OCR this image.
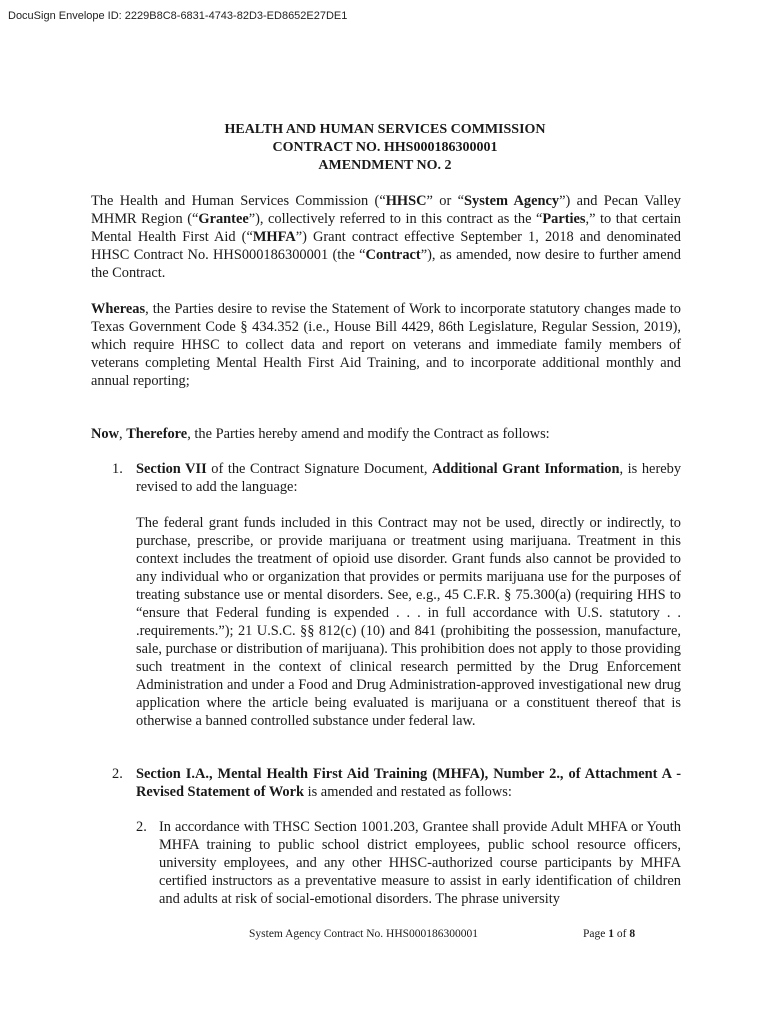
DocuSign Envelope ID: 2229B8C8-6831-4743-82D3-ED8652E27DE1
HEALTH AND HUMAN SERVICES COMMISSION
CONTRACT NO. HHS000186300001
AMENDMENT NO. 2

The Health and Human Services Commission (“HHSC” or “System Agency”) and Pecan Valley MHMR Region (“Grantee”), collectively referred to in this contract as the “Parties,” to that certain Mental Health First Aid (“MHFA”) Grant contract effective September 1, 2018 and denominated HHSC Contract No. HHS000186300001 (the “Contract”), as amended, now desire to further amend the Contract.

Whereas, the Parties desire to revise the Statement of Work to incorporate statutory changes made to Texas Government Code § 434.352 (i.e., House Bill 4429, 86th Legislature, Regular Session, 2019), which require HHSC to collect data and report on veterans and immediate family members of veterans completing Mental Health First Aid Training, and to incorporate additional monthly and annual reporting;

Now, Therefore, the Parties hereby amend and modify the Contract as follows:

1. Section VII of the Contract Signature Document, Additional Grant Information, is hereby revised to add the language:

The federal grant funds included in this Contract may not be used, directly or indirectly, to purchase, prescribe, or provide marijuana or treatment using marijuana. Treatment in this context includes the treatment of opioid use disorder. Grant funds also cannot be provided to any individual who or organization that provides or permits marijuana use for the purposes of treating substance use or mental disorders. See, e.g., 45 C.F.R. § 75.300(a) (requiring HHS to “ensure that Federal funding is expended . . . in full accordance with U.S. statutory . . .requirements.”); 21 U.S.C. §§ 812(c) (10) and 841 (prohibiting the possession, manufacture, sale, purchase or distribution of marijuana). This prohibition does not apply to those providing such treatment in the context of clinical research permitted by the Drug Enforcement Administration and under a Food and Drug Administration-approved investigational new drug application where the article being evaluated is marijuana or a constituent thereof that is otherwise a banned controlled substance under federal law.

2. Section I.A., Mental Health First Aid Training (MHFA), Number 2., of Attachment A - Revised Statement of Work is amended and restated as follows:

2. In accordance with THSC Section 1001.203, Grantee shall provide Adult MHFA or Youth MHFA training to public school district employees, public school resource officers, university employees, and any other HHSC-authorized course participants by MHFA certified instructors as a preventative measure to assist in early identification of children and adults at risk of social-emotional disorders. The phrase university

System Agency Contract No. HHS000186300001	Page 1 of 8
